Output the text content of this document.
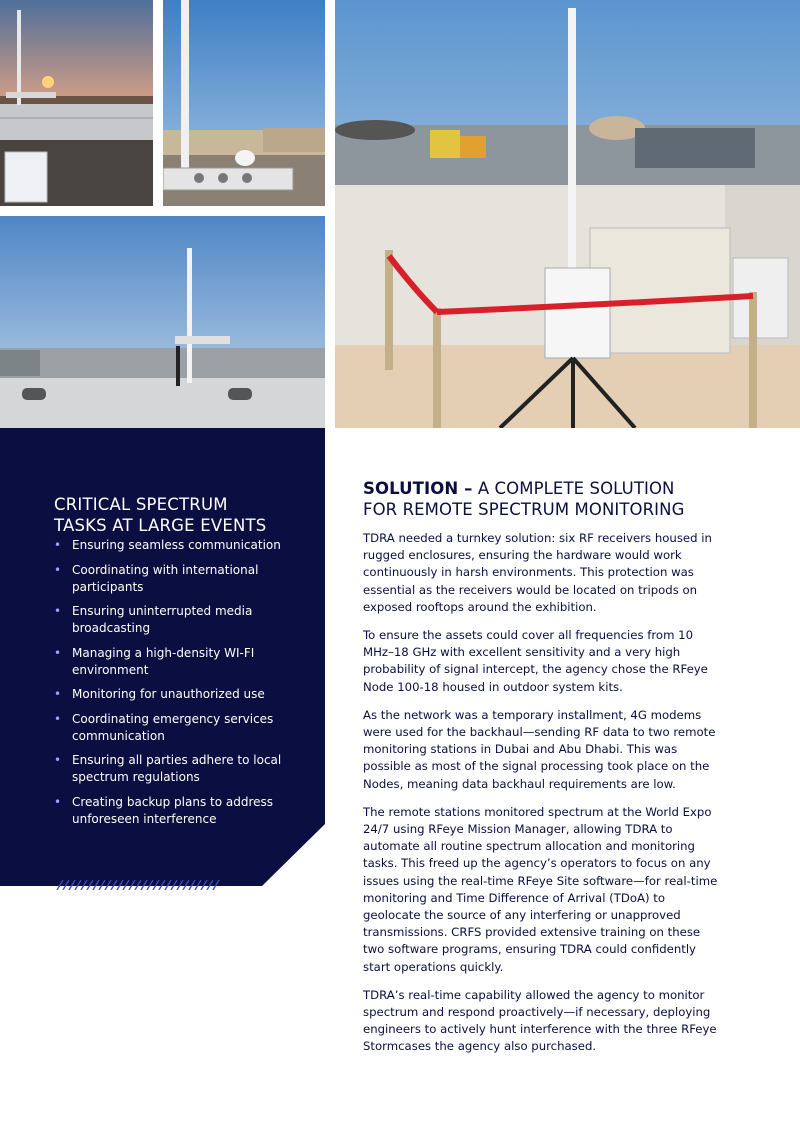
CRITICAL SPECTRUM
TASKS AT LARGE EVENTS
• Ensuring seamless communication
• Coordinating with international participants
• Ensuring uninterrupted media broadcasting
• Managing a high-density WI-FI environment
• Monitoring for unauthorized use
• Coordinating emergency services communication
• Ensuring all parties adhere to local spectrum regulations
• Creating backup plans to address unforeseen interference
SOLUTION – A COMPLETE SOLUTION
FOR REMOTE SPECTRUM MONITORING

TDRA needed a turnkey solution: six RF receivers housed in rugged enclosures, ensuring the hardware would work continuously in harsh environments. This protection was essential as the receivers would be located on tripods on exposed rooftops around the exhibition.

To ensure the assets could cover all frequencies from 10 MHz–18 GHz with excellent sensitivity and a very high probability of signal intercept, the agency chose the RFeye Node 100-18 housed in outdoor system kits.

As the network was a temporary installment, 4G modems were used for the backhaul—sending RF data to two remote monitoring stations in Dubai and Abu Dhabi. This was possible as most of the signal processing took place on the Nodes, meaning data backhaul requirements are low.

The remote stations monitored spectrum at the World Expo 24/7 using RFeye Mission Manager, allowing TDRA to automate all routine spectrum allocation and monitoring tasks. This freed up the agency’s operators to focus on any issues using the real-time RFeye Site software—for real-time monitoring and Time Difference of Arrival (TDoA) to geolocate the source of any interfering or unapproved transmissions. CRFS provided extensive training on these two software programs, ensuring TDRA could confidently start operations quickly.

TDRA’s real-time capability allowed the agency to monitor spectrum and respond proactively—if necessary, deploying engineers to actively hunt interference with the three RFeye Stormcases the agency also purchased.
